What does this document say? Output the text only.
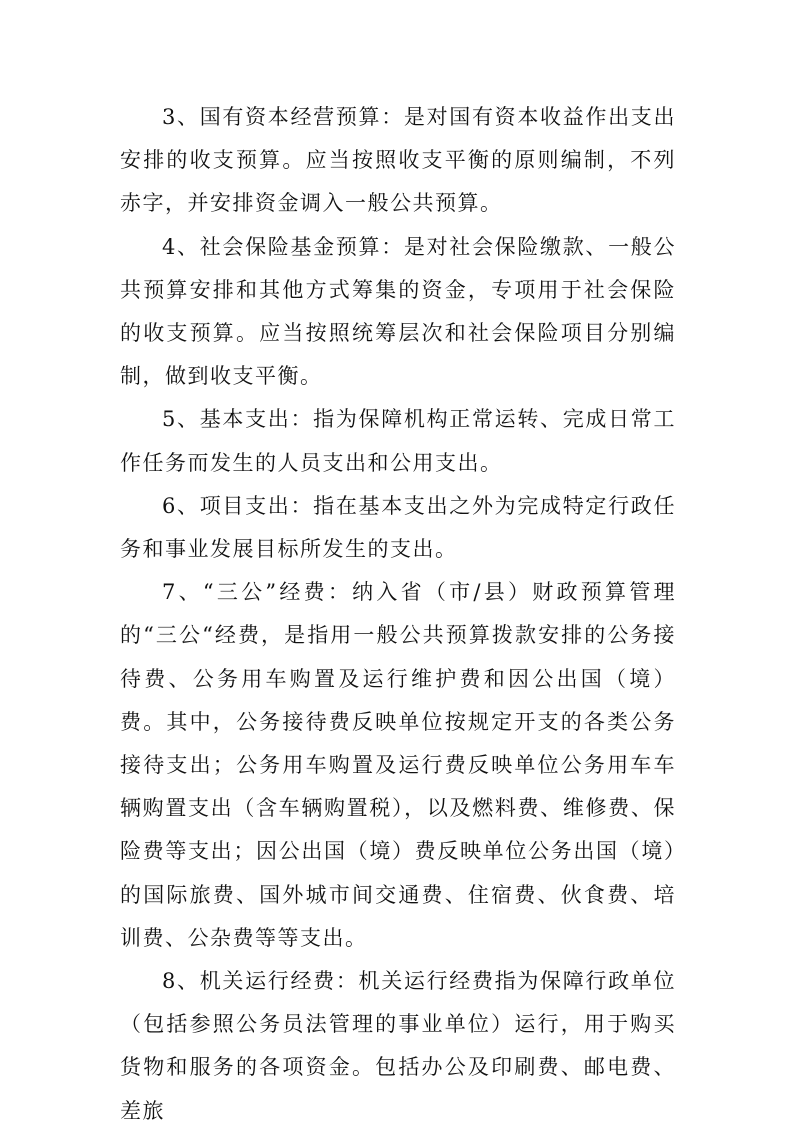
3、国有资本经营预算：是对国有资本收益作出支出安排的收支预算。应当按照收支平衡的原则编制，不列赤字，并安排资金调入一般公共预算。

4、社会保险基金预算：是对社会保险缴款、一般公共预算安排和其他方式筹集的资金，专项用于社会保险的收支预算。应当按照统筹层次和社会保险项目分别编制，做到收支平衡。

5、基本支出：指为保障机构正常运转、完成日常工作任务而发生的人员支出和公用支出。

6、项目支出：指在基本支出之外为完成特定行政任务和事业发展目标所发生的支出。

7、“三公”经费：纳入省（市/县）财政预算管理的“三公“经费，是指用一般公共预算拨款安排的公务接待费、公务用车购置及运行维护费和因公出国（境）费。其中，公务接待费反映单位按规定开支的各类公务接待支出；公务用车购置及运行费反映单位公务用车车辆购置支出（含车辆购置税），以及燃料费、维修费、保险费等支出；因公出国（境）费反映单位公务出国（境）的国际旅费、国外城市间交通费、住宿费、伙食费、培训费、公杂费等等支出。

8、机关运行经费：机关运行经费指为保障行政单位（包括参照公务员法管理的事业单位）运行，用于购买货物和服务的各项资金。包括办公及印刷费、邮电费、差旅
